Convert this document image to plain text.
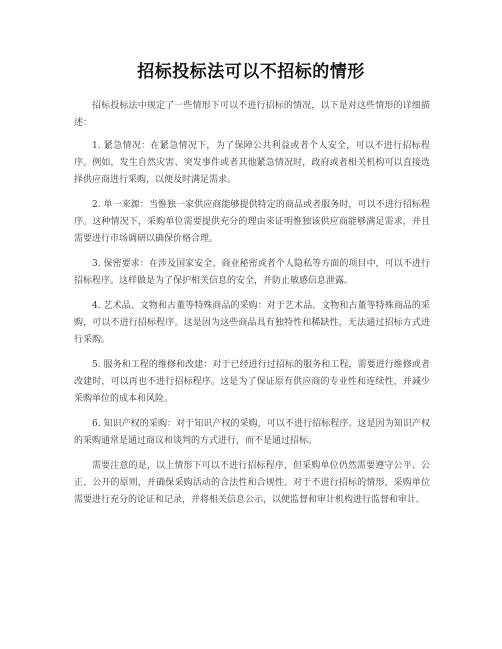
招标投标法可以不招标的情形

招标投标法中规定了一些情形下可以不进行招标的情况，以下是对这些情形的详细描述：

1. 紧急情况：在紧急情况下，为了保障公共利益或者个人安全，可以不进行招标程序。例如，发生自然灾害、突发事件或者其他紧急情况时，政府或者相关机构可以直接选择供应商进行采购，以便及时满足需求。

2. 单一来源：当惟独一家供应商能够提供特定的商品或者服务时，可以不进行招标程序。这种情况下，采购单位需要提供充分的理由来证明惟独该供应商能够满足需求，并且需要进行市场调研以确保价格合理。

3. 保密要求：在涉及国家安全、商业秘密或者个人隐私等方面的项目中，可以不进行招标程序。这样做是为了保护相关信息的安全，并防止敏感信息泄露。

4. 艺术品、文物和古董等特殊商品的采购：对于艺术品、文物和古董等特殊商品的采购，可以不进行招标程序。这是因为这些商品具有独特性和稀缺性，无法通过招标方式进行采购。

5. 服务和工程的维修和改建：对于已经进行过招标的服务和工程，需要进行维修或者改建时，可以再也不进行招标程序。这是为了保证原有供应商的专业性和连续性，并减少采购单位的成本和风险。

6. 知识产权的采购：对于知识产权的采购，可以不进行招标程序。这是因为知识产权的采购通常是通过商议和谈判的方式进行，而不是通过招标。

需要注意的是，以上情形下可以不进行招标程序，但采购单位仍然需要遵守公平、公正、公开的原则，并确保采购活动的合法性和合规性。对于不进行招标的情形，采购单位需要进行充分的论证和记录，并将相关信息公示，以便监督和审计机构进行监督和审计。
